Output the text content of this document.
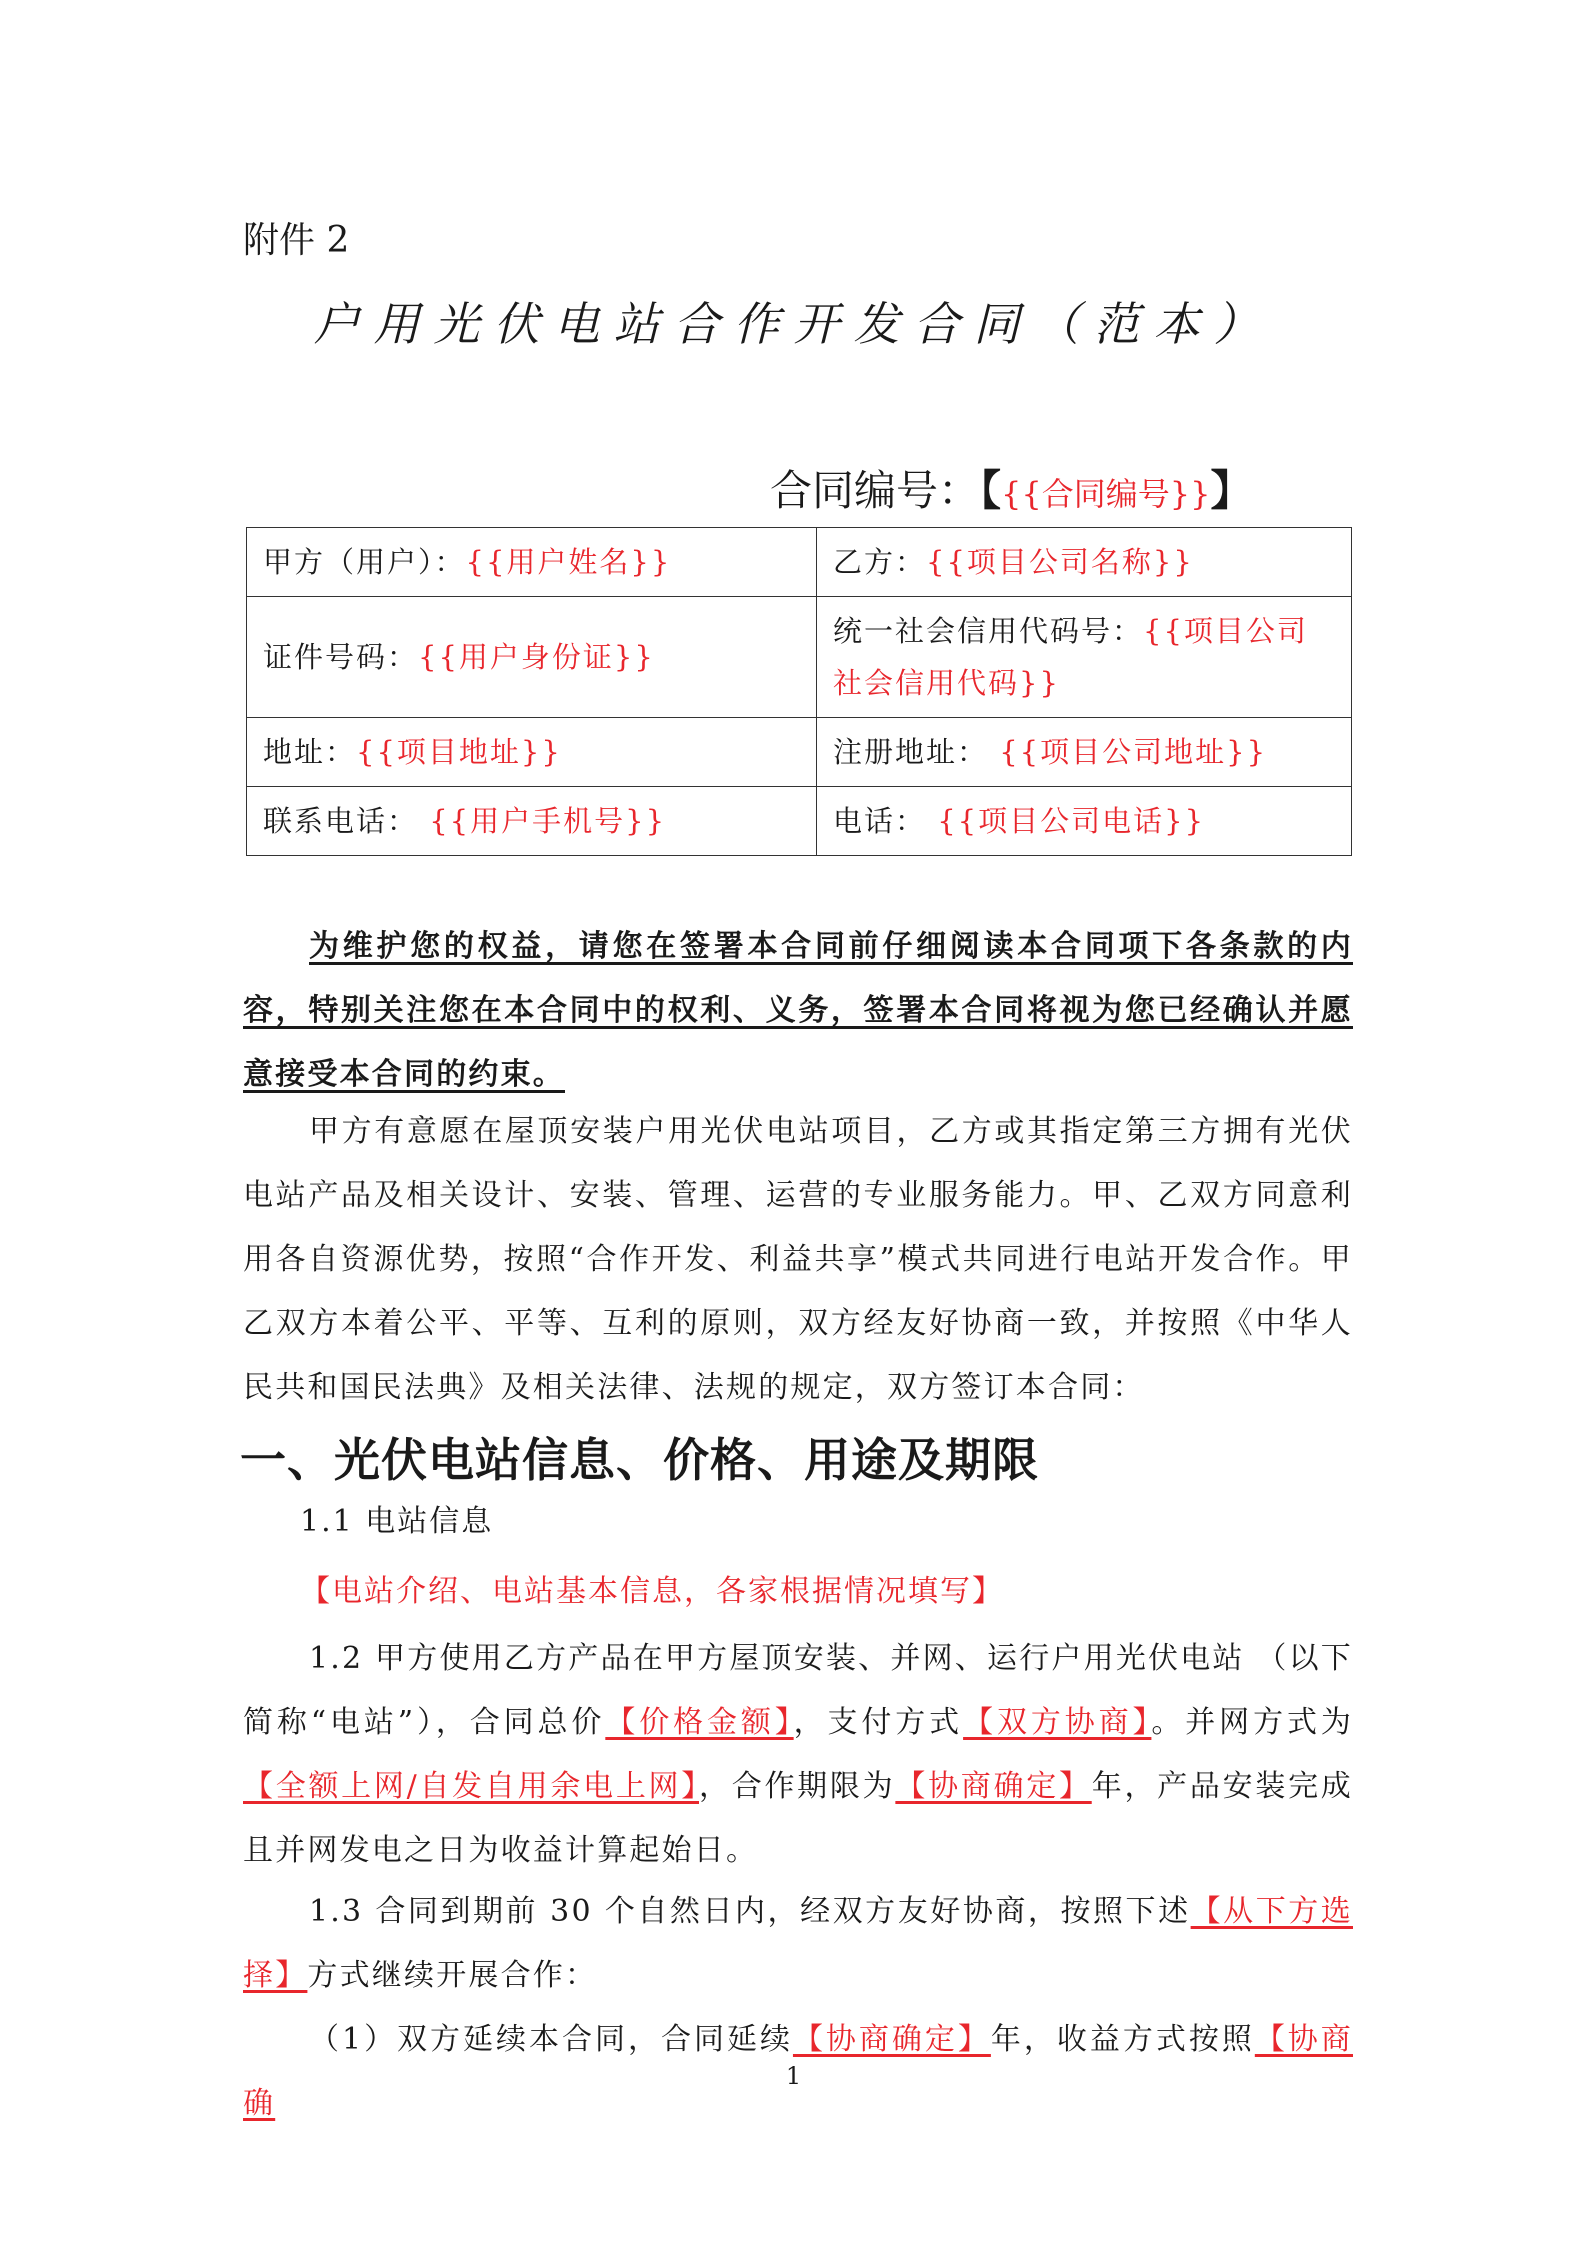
附件 2
户用光伏电站合作开发合同（范本）
合同编号：【{{合同编号}}】
甲方（用户）：{{用户姓名}}	乙方：{{项目公司名称}}
证件号码：{{用户身份证}}	统一社会信用代码号：{{项目公司社会信用代码}}
地址：{{项目地址}}	注册地址： {{项目公司地址}}
联系电话： {{用户手机号}}	电话： {{项目公司电话}}
为维护您的权益，请您在签署本合同前仔细阅读本合同项下各条款的内容，特别关注您在本合同中的权利、义务，签署本合同将视为您已经确认并愿意接受本合同的约束。
甲方有意愿在屋顶安装户用光伏电站项目，乙方或其指定第三方拥有光伏电站产品及相关设计、安装、管理、运营的专业服务能力。甲、乙双方同意利用各自资源优势，按照“合作开发、利益共享”模式共同进行电站开发合作。甲乙双方本着公平、平等、互利的原则，双方经友好协商一致，并按照《中华人民共和国民法典》及相关法律、法规的规定，双方签订本合同：
一、光伏电站信息、价格、用途及期限
1.1 电站信息
【电站介绍、电站基本信息，各家根据情况填写】
1.2 甲方使用乙方产品在甲方屋顶安装、并网、运行户用光伏电站 （以下简称“电站”），合同总价【价格金额】，支付方式【双方协商】。并网方式为【全额上网/自发自用余电上网】，合作期限为【协商确定】年，产品安装完成且并网发电之日为收益计算起始日。
1.3 合同到期前 30 个自然日内，经双方友好协商，按照下述【从下方选择】方式继续开展合作：
（1）双方延续本合同，合同延续【协商确定】年，收益方式按照【协商确
1
